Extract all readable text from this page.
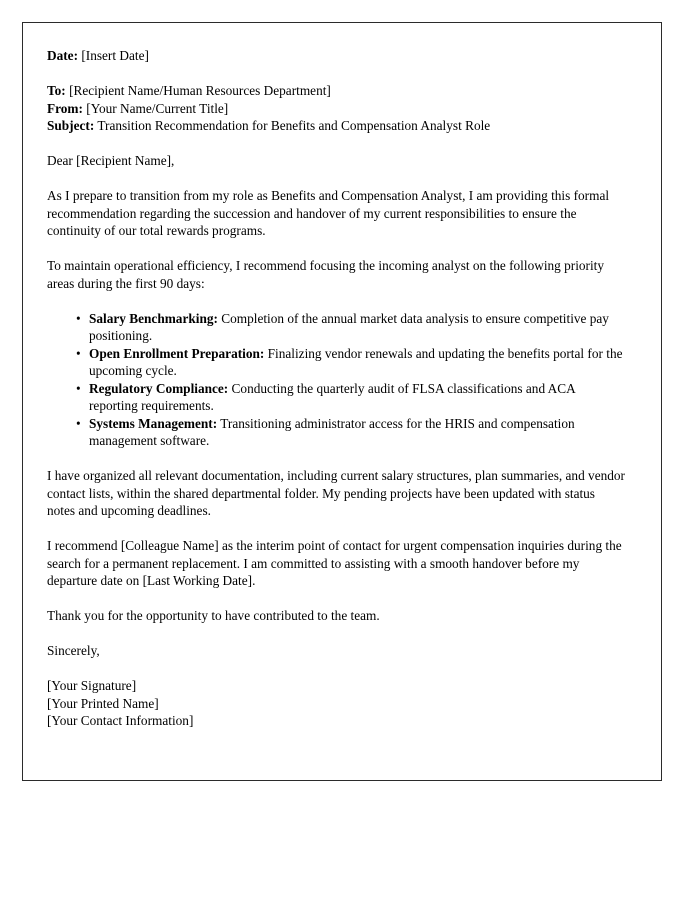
Date: [Insert Date]

To: [Recipient Name/Human Resources Department]

From: [Your Name/Current Title]

Subject: Transition Recommendation for Benefits and Compensation Analyst Role

Dear [Recipient Name],

As I prepare to transition from my role as Benefits and Compensation Analyst, I am providing this formal recommendation regarding the succession and handover of my current responsibilities to ensure the continuity of our total rewards programs.

To maintain operational efficiency, I recommend focusing the incoming analyst on the following priority areas during the first 90 days:

• Salary Benchmarking: Completion of the annual market data analysis to ensure competitive pay positioning.
• Open Enrollment Preparation: Finalizing vendor renewals and updating the benefits portal for the upcoming cycle.
• Regulatory Compliance: Conducting the quarterly audit of FLSA classifications and ACA reporting requirements.
• Systems Management: Transitioning administrator access for the HRIS and compensation management software.

I have organized all relevant documentation, including current salary structures, plan summaries, and vendor contact lists, within the shared departmental folder. My pending projects have been updated with status notes and upcoming deadlines.

I recommend [Colleague Name] as the interim point of contact for urgent compensation inquiries during the search for a permanent replacement. I am committed to assisting with a smooth handover before my departure date on [Last Working Date].

Thank you for the opportunity to have contributed to the team.

Sincerely,

[Your Signature]

[Your Printed Name]

[Your Contact Information]
